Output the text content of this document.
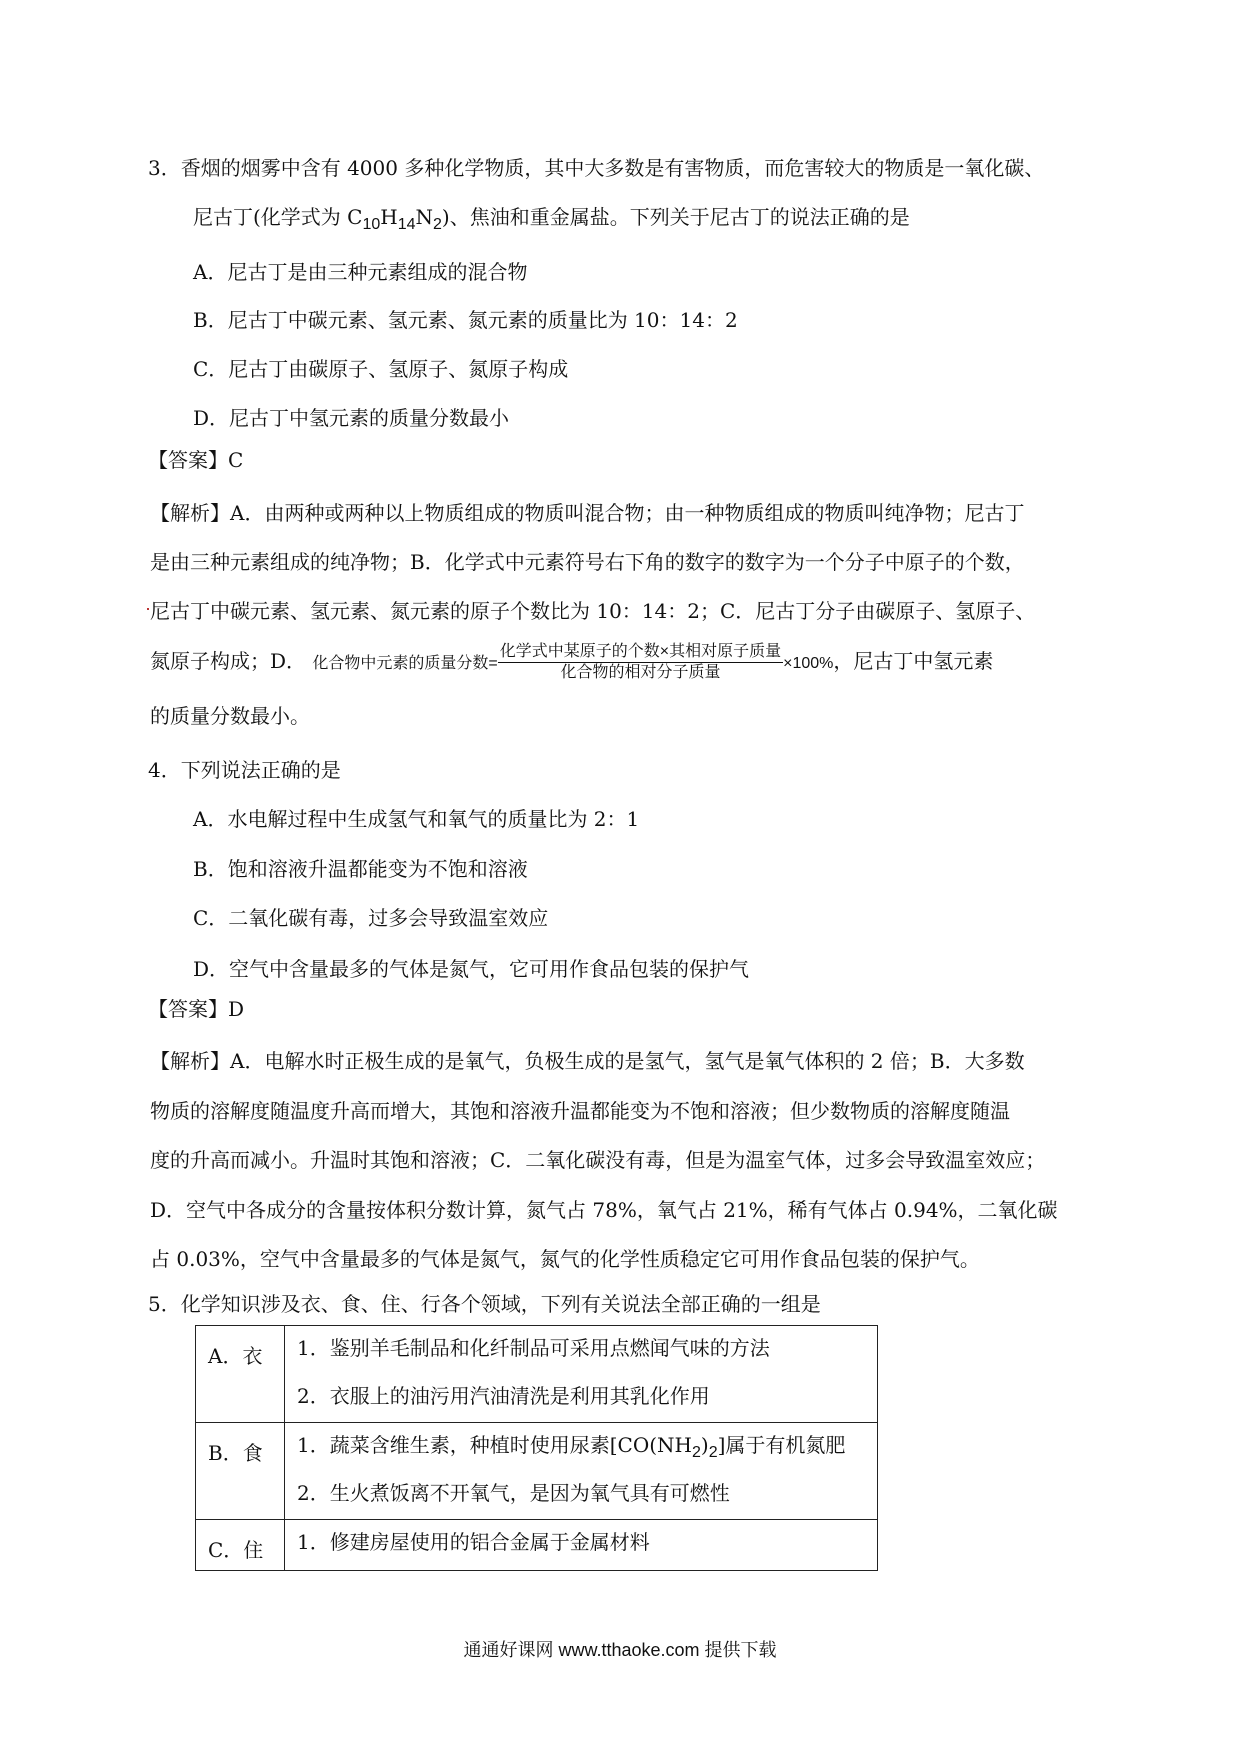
3．香烟的烟雾中含有 4000 多种化学物质，其中大多数是有害物质，而危害较大的物质是一氧化碳、
尼古丁(化学式为 $C_{10}H_{14}N_2$)、焦油和重金属盐。下列关于尼古丁的说法正确的是
A．尼古丁是由三种元素组成的混合物
B．尼古丁中碳元素、氢元素、氮元素的质量比为 10：14：2
C．尼古丁由碳原子、氢原子、氮原子构成
D．尼古丁中氢元素的质量分数最小
【答案】C
【解析】A．由两种或两种以上物质组成的物质叫混合物；由一种物质组成的物质叫纯净物；尼古丁
是由三种元素组成的纯净物；B．化学式中元素符号右下角的数字的数字为一个分子中原子的个数，
尼古丁中碳元素、氢元素、氮元素的原子个数比为 10：14：2；C．尼古丁分子由碳原子、氢原子、
氮原子构成；D． 化合物中元素的质量分数= $\frac{\text{化学式中某原子的个数×其相对原子质量}}{\text{化合物的相对分子质量}} \times 100\%$，尼古丁中氢元素
的质量分数最小。
4．下列说法正确的是
A．水电解过程中生成氢气和氧气的质量比为 2：1
B．饱和溶液升温都能变为不饱和溶液
C．二氧化碳有毒，过多会导致温室效应
D．空气中含量最多的气体是氮气，它可用作食品包装的保护气
【答案】D
【解析】A．电解水时正极生成的是氧气，负极生成的是氢气，氢气是氧气体积的 2 倍；B．大多数
物质的溶解度随温度升高而增大，其饱和溶液升温都能变为不饱和溶液；但少数物质的溶解度随温
度的升高而减小。升温时其饱和溶液；C．二氧化碳没有毒，但是为温室气体，过多会导致温室效应；
D．空气中各成分的含量按体积分数计算，氮气占 78%，氧气占 21%，稀有气体占 0.94%，二氧化碳
占 0.03%，空气中含量最多的气体是氮气，氮气的化学性质稳定它可用作食品包装的保护气。
5．化学知识涉及衣、食、住、行各个领域，下列有关说法全部正确的一组是
A．衣	1．鉴别羊毛制品和化纤制品可采用点燃闻气味的方法
2．衣服上的油污用汽油清洗是利用其乳化作用

B．食	1．蔬菜含维生素，种植时使用尿素$[CO(NH_2)_2]$属于有机氮肥
2．生火煮饭离不开氧气，是因为氧气具有可燃性

C．住	1．修建房屋使用的铝合金属于金属材料
通通好课网 www.tthaoke.com 提供下载
